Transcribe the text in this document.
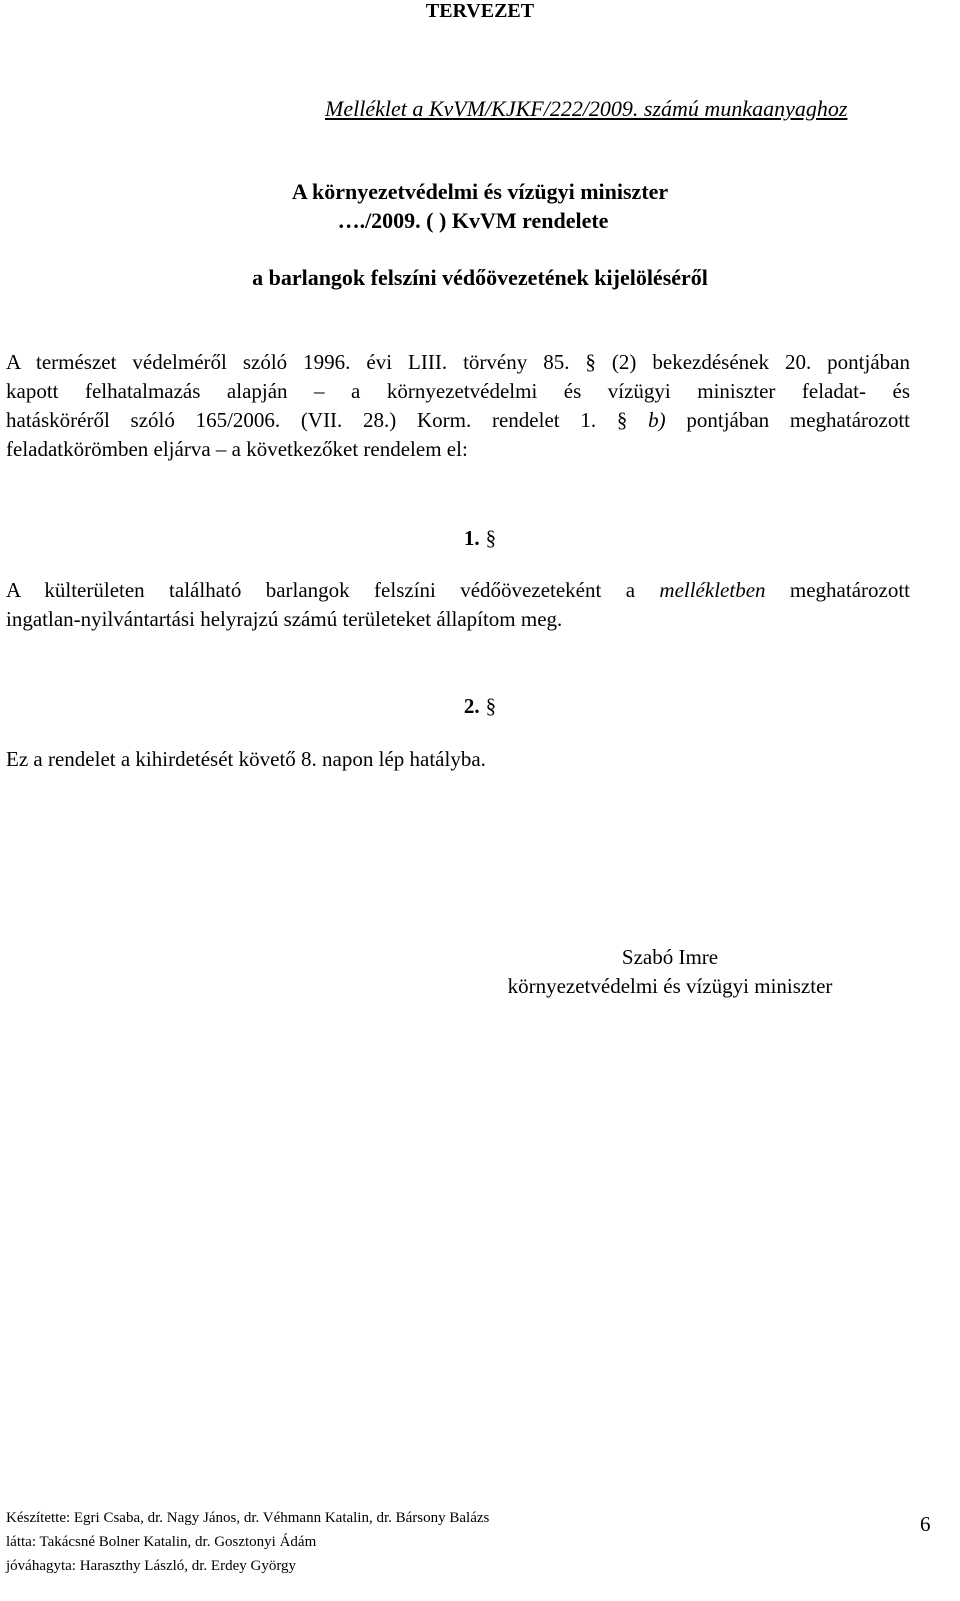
TERVEZET
Melléklet a KvVM/KJKF/222/2009. számú munkaanyaghoz
A környezetvédelmi és vízügyi miniszter
…./2009. ( ) KvVM rendelete
a barlangok felszíni védőövezetének kijelöléséről
A természet védelméről szóló 1996. évi LIII. törvény 85. § (2) bekezdésének 20. pontjában
kapott felhatalmazás alapján – a környezetvédelmi és vízügyi miniszter feladat- és
hatásköréről szóló 165/2006. (VII. 28.) Korm. rendelet 1. § b) pontjában meghatározott
feladatkörömben eljárva – a következőket rendelem el:
1. §
A külterületen található barlangok felszíni védőövezeteként a mellékletben meghatározott
ingatlan-nyilvántartási helyrajzú számú területeket állapítom meg.
2. §
Ez a rendelet a kihirdetését követő 8. napon lép hatályba.
Szabó Imre
környezetvédelmi és vízügyi miniszter
Készítette: Egri Csaba, dr. Nagy János, dr. Véhmann Katalin, dr. Bársony Balázs
látta: Takácsné Bolner Katalin, dr. Gosztonyi Ádám
jóváhagyta: Haraszthy László, dr. Erdey György
6
